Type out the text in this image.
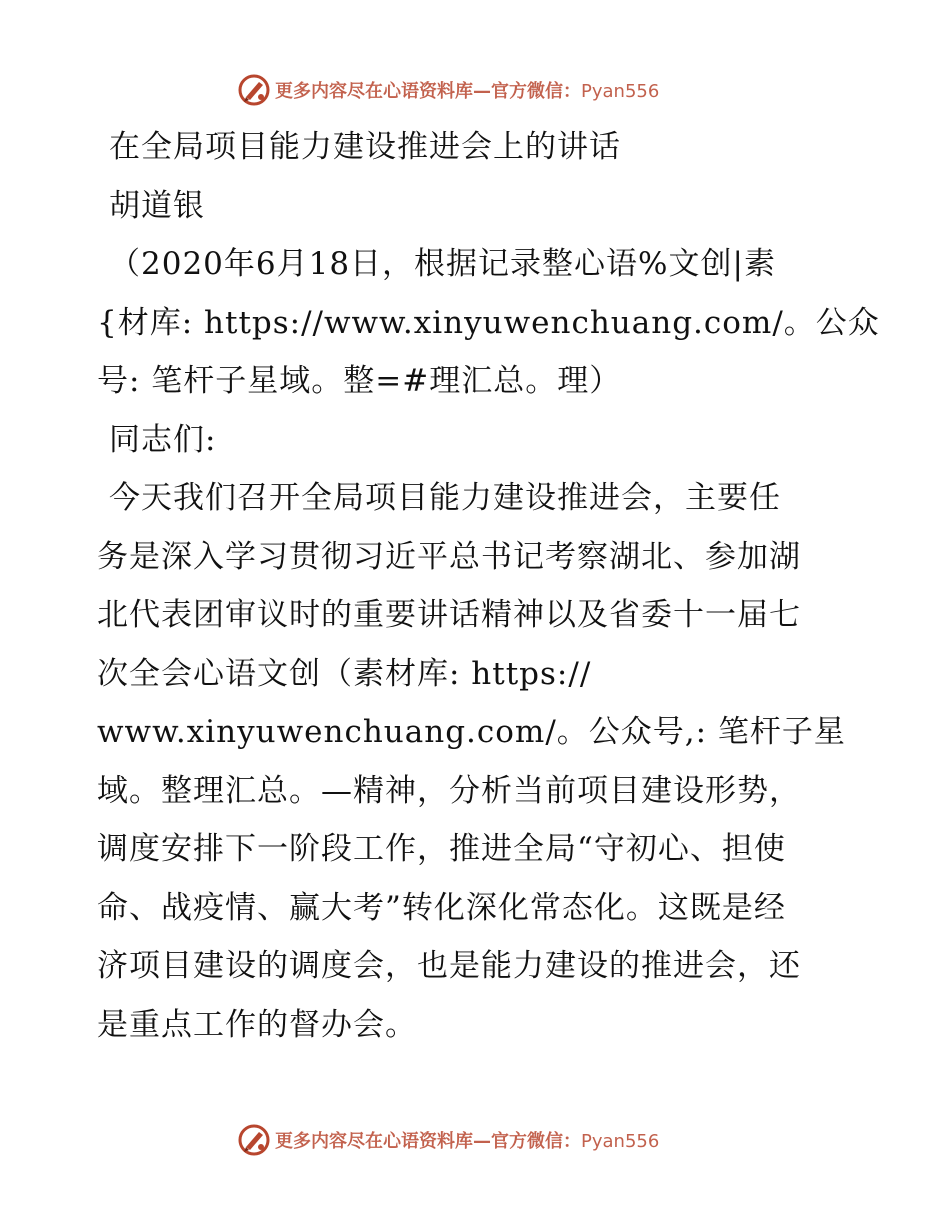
更多内容尽在心语资料库—官方微信：Pyan556
在全局项目能力建设推进会上的讲话
胡道银
（2020年6月18日，根据记录整心语%文创|素
{材库: https://www.xinyuwenchuang.com/。公众
号: 笔杆子星域。整=#理汇总。理）
同志们:
今天我们召开全局项目能力建设推进会，主要任
务是深入学习贯彻习近平总书记考察湖北、参加湖
北代表团审议时的重要讲话精神以及省委十一届七
次全会心语文创（素材库: https://
www.xinyuwenchuang.com/。公众号,: 笔杆子星
域。整理汇总。—精神，分析当前项目建设形势，
调度安排下一阶段工作，推进全局“守初心、担使
命、战疫情、赢大考”转化深化常态化。这既是经
济项目建设的调度会，也是能力建设的推进会，还
是重点工作的督办会。
更多内容尽在心语资料库—官方微信：Pyan556
